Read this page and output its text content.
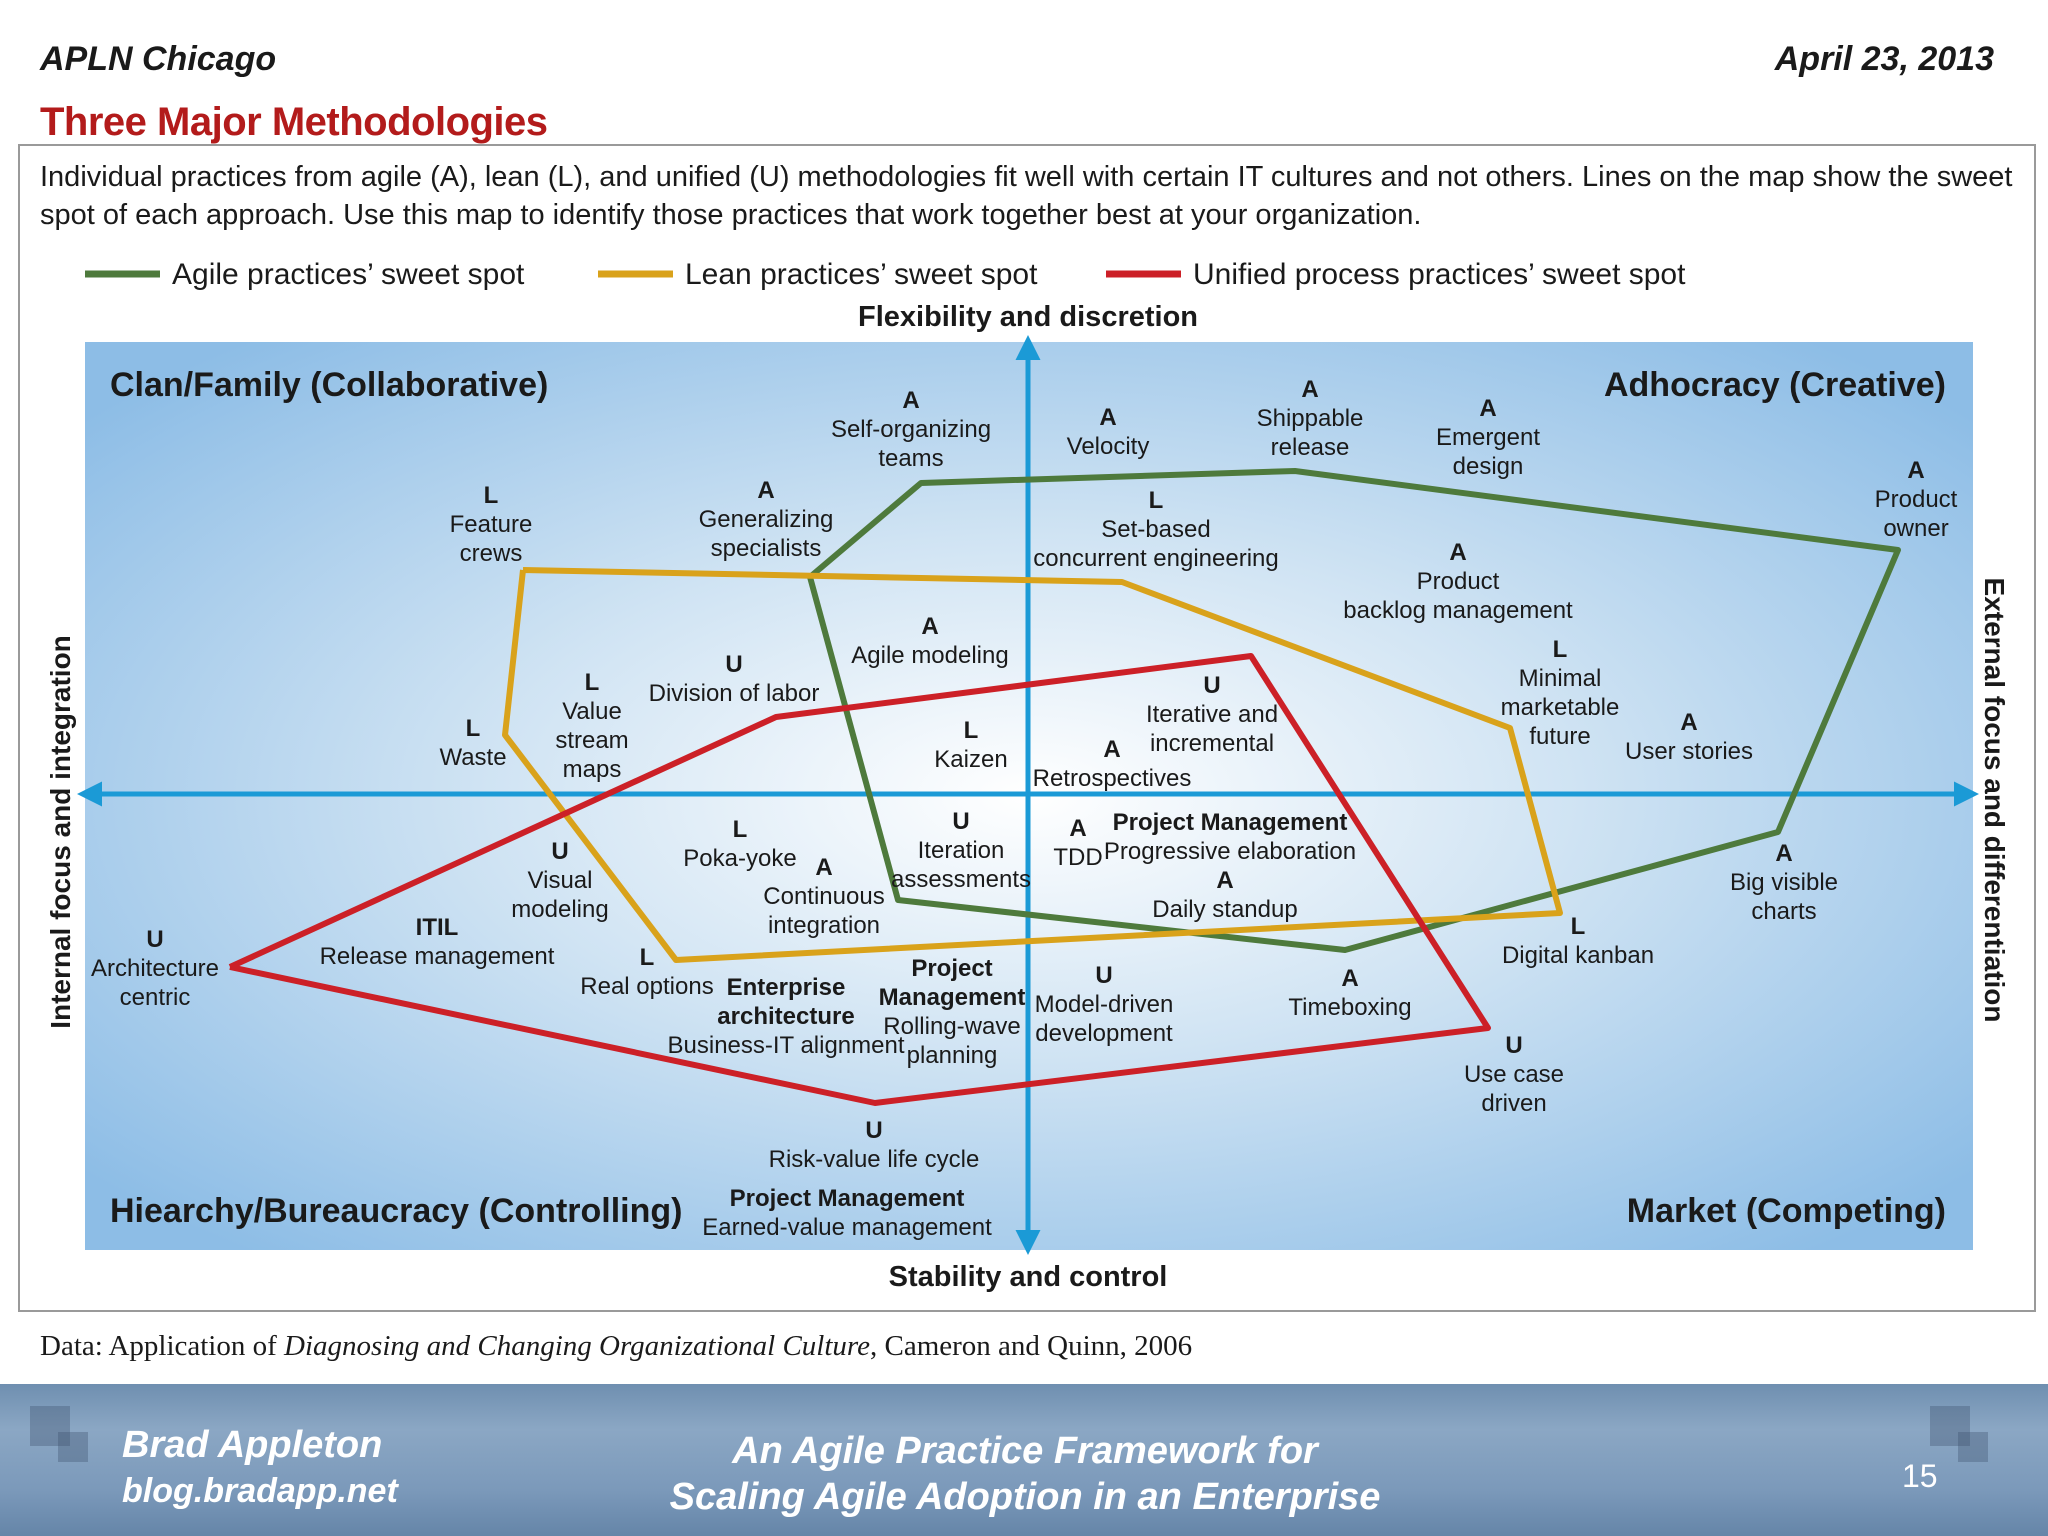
APLN Chicago	April 23, 2013
Three Major Methodologies
Individual practices from agile (A), lean (L), and unified (U) methodologies fit well with certain IT cultures and not others. Lines on the map show the sweet spot of each approach. Use this map to identify those practices that work together best at your organization.
Agile practices’ sweet spot	Lean practices’ sweet spot	Unified process practices’ sweet spot
Flexibility and discretion
Stability and control
Internal focus and integration	External focus and differentiation
Clan/Family (Collaborative)	Adhocracy (Creative)
Hiearchy/Bureaucracy (Controlling)	Market (Competing)
A Self-organizing teams
A Velocity
A Shippable release
A Emergent design	A Product owner
L Feature crews
A Generalizing specialists
L Set-based concurrent engineering	A Product backlog management
A Agile modeling
U Division of labor
L Value stream maps
L Waste
L Minimal marketable future
U Iterative and incremental
L Kaizen	A Retrospectives
A User stories
L Poka-yoke
U Iteration assessments
A TDD
Project Management Progressive elaboration
U Visual modeling
A Continuous integration
A Daily standup
A Big visible charts
U Architecture centric
ITIL Release management	L Real options Enterprise architecture Business-IT alignment
Project Management Rolling-wave planning
U Model-driven development
A Timeboxing
L Digital kanban
U Use case driven
U Risk-value life cycle
Project Management Earned-value management
Data: Application of Diagnosing and Changing Organizational Culture, Cameron and Quinn, 2006
Brad Appleton
blog.bradapp.net
An Agile Practice Framework for
Scaling Agile Adoption in an Enterprise	15
